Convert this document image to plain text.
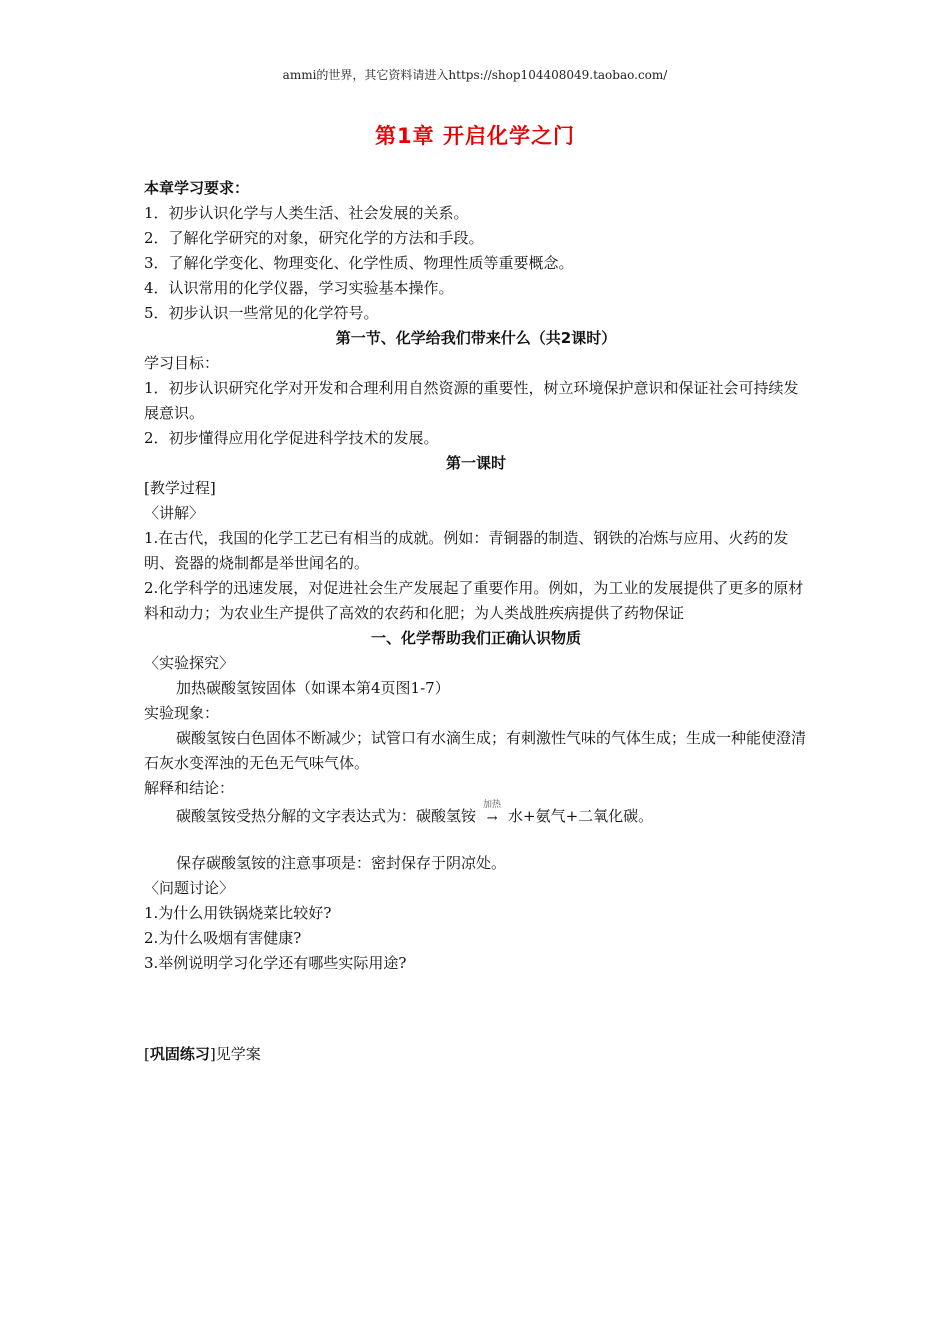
ammi的世界，其它资料请进入https://shop104408049.taobao.com/
第1章 开启化学之门
本章学习要求：
1．初步认识化学与人类生活、社会发展的关系。
2．了解化学研究的对象，研究化学的方法和手段。
3．了解化学变化、物理变化、化学性质、物理性质等重要概念。
4．认识常用的化学仪器，学习实验基本操作。
5．初步认识一些常见的化学符号。
第一节、化学给我们带来什么（共2课时）
学习目标：
1．初步认识研究化学对开发和合理利用自然资源的重要性，树立环境保护意识和保证社会可持续发展意识。
2．初步懂得应用化学促进科学技术的发展。
第一课时
[教学过程]
〈讲解〉
1.在古代，我国的化学工艺已有相当的成就。例如：青铜器的制造、钢铁的冶炼与应用、火药的发明、瓷器的烧制都是举世闻名的。
2.化学科学的迅速发展，对促进社会生产发展起了重要作用。例如，为工业的发展提供了更多的原材料和动力；为农业生产提供了高效的农药和化肥；为人类战胜疾病提供了药物保证
一、化学帮助我们正确认识物质
〈实验探究〉
加热碳酸氢铵固体（如课本第4页图1-7）
实验现象：
碳酸氢铵白色固体不断减少；试管口有水滴生成；有刺激性气味的气体生成；生成一种能使澄清石灰水变浑浊的无色无气味气体。
解释和结论：
碳酸氢铵受热分解的文字表达式为：碳酸氢铵
加热
→ 水+氨气+二氧化碳。
保存碳酸氢铵的注意事项是：密封保存于阴凉处。
〈问题讨论〉
1.为什么用铁锅烧菜比较好?
2.为什么吸烟有害健康?
3.举例说明学习化学还有哪些实际用途?
[巩固练习]见学案
